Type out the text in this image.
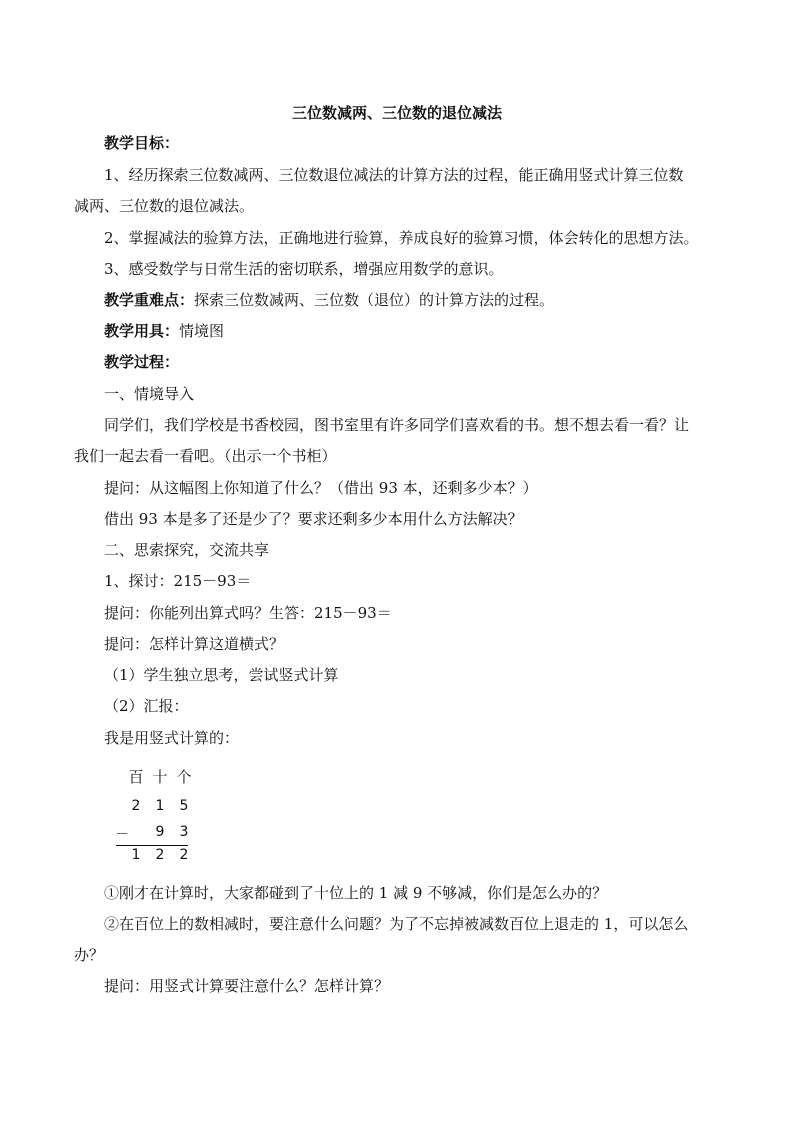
三位数减两、三位数的退位减法
教学目标：
1、经历探索三位数减两、三位数退位减法的计算方法的过程，能正确用竖式计算三位数
减两、三位数的退位减法。
2、掌握减法的验算方法，正确地进行验算，养成良好的验算习惯，体会转化的思想方法。
3、感受数学与日常生活的密切联系，增强应用数学的意识。
教学重难点：探索三位数减两、三位数（退位）的计算方法的过程。
教学用具：情境图
教学过程：
一、情境导入
同学们，我们学校是书香校园，图书室里有许多同学们喜欢看的书。想不想去看一看？让
我们一起去看一看吧。（出示一个书柜）
提问：从这幅图上你知道了什么？（借出 93 本，还剩多少本？）
借出 93 本是多了还是少了？要求还剩多少本用什么方法解决？
二、思索探究，交流共享
1、探讨：215－93＝
提问：你能列出算式吗？生答：215－93＝
提问：怎样计算这道横式？
（1）学生独立思考，尝试竖式计算
（2）汇报：
我是用竖式计算的：
百 十 个
2 1 5
－ 9 3
1 2 2
①刚才在计算时，大家都碰到了十位上的 1 减 9 不够减，你们是怎么办的？
②在百位上的数相减时，要注意什么问题？为了不忘掉被减数百位上退走的 1，可以怎么
办？
提问：用竖式计算要注意什么？怎样计算？
